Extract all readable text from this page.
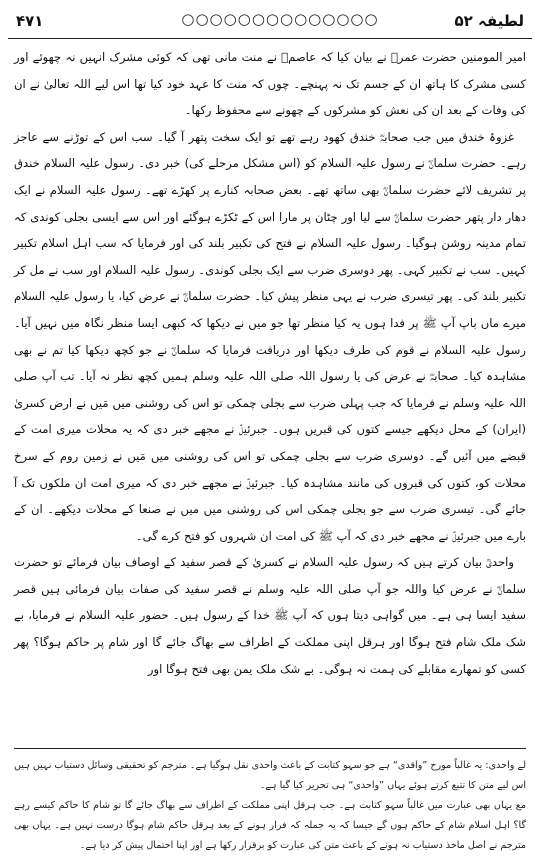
لطیفہ ۵۲
○○○○○○○○○○○○○○
۴۷۱

امیر المومنین حضرت عمرؓ نے بیان کیا کہ عاصمؓ نے منت مانی تھی کہ کوئی مشرک انہیں نہ چھوئے اور کسی مشرک کا ہاتھ ان کے جسم تک نہ پہنچے۔ چوں کہ منت کا عہد خود کیا تھا اس لیے اللہ تعالیٰ نے ان کی وفات کے بعد ان کی نعش کو مشرکوں کے چھونے سے محفوظ رکھا۔

غزوۂ خندق میں جب صحابہؓ خندق کھود رہے تھے تو ایک سخت پتھر آ گیا۔ سب اس کے توڑنے سے عاجز رہے۔ حضرت سلمانؓ نے رسول علیہ السلام کو (اس مشکل مرحلے کی) خبر دی۔ رسول علیہ السلام خندق پر تشریف لائے حضرت سلمانؓ بھی ساتھ تھے۔ بعض صحابہ کنارے پر کھڑے تھے۔ رسول علیہ السلام نے ایک دھار دار پتھر حضرت سلمانؓ سے لیا اور چٹان پر مارا اس کے ٹکڑے ہوگئے اور اس سے ایسی بجلی کوندی کہ تمام مدینہ روشن ہوگیا۔ رسول علیہ السلام نے فتح کی تکبیر بلند کی اور فرمایا کہ سب اہل اسلام تکبیر کہیں۔ سب نے تکبیر کہی۔ پھر دوسری ضرب سے ایک بجلی کوندی۔ رسول علیہ السلام اور سب نے مل کر تکبیر بلند کی۔ پھر تیسری ضرب نے یہی منظر پیش کیا۔ حضرت سلمانؓ نے عرض کیا، یا رسول علیہ السلام میرے ماں باپ آپ ﷺ پر فدا ہوں یہ کیا منظر تھا جو میں نے دیکھا کہ کبھی ایسا منظر نگاہ میں نہیں آیا۔ رسول علیہ السلام نے قوم کی طرف دیکھا اور دریافت فرمایا کہ سلمانؓ نے جو کچھ دیکھا کیا تم نے بھی مشاہدہ کیا۔ صحابہؓ نے عرض کی یا رسول اللہ صلی اللہ علیہ وسلم ہمیں کچھ نظر نہ آیا۔ تب آپ صلی اللہ علیہ وسلم نے فرمایا کہ جب پہلی ضرب سے بجلی چمکی تو اس کی روشنی میں مَیں نے ارض کسریٰ (ایران) کے محل دیکھے جیسے کتوں کی قبریں ہوں۔ جبرئیلؑ نے مجھے خبر دی کہ یہ محلات میری امت کے قبضے میں آئیں گے۔ دوسری ضرب سے بجلی چمکی تو اس کی روشنی میں مَیں نے زمین روم کے سرخ محلات کو، کتوں کی قبروں کی مانند مشاہدہ کیا۔ جبرئیلؑ نے مجھے خبر دی کہ میری امت ان ملکوں تک آ جائے گی۔ تیسری ضرب سے جو بجلی چمکی اس کی روشنی میں میں نے صنعا کے محلات دیکھے۔ ان کے بارے میں جبرئیلؑ نے مجھے خبر دی کہ آپ ﷺ کی امت ان شہروں کو فتح کرے گی۔

واحدیؒ بیان کرتے ہیں کہ رسول علیہ السلام نے کسریٰ کے قصر سفید کے اوصاف بیان فرمائے تو حضرت سلمانؓ نے عرض کیا واللہ جو آپ صلی اللہ علیہ وسلم نے قصر سفید کی صفات بیان فرمائی ہیں قصر سفید ایسا ہی ہے۔ میں گواہی دیتا ہوں کہ آپ ﷺ خدا کے رسول ہیں۔ حضور علیہ السلام نے فرمایا، بے شک ملک شام فتح ہوگا اور ہرقل اپنی مملکت کے اطراف سے بھاگ جائے گا اور شام پر حاکم ہوگا؟ پھر کسی کو تمھارے مقابلے کی ہمت نہ ہوگی۔ بے شک ملک یمن بھی فتح ہوگا اور

لے واحدی: یہ غالباً مورخ ”واقدی“ ہے جو سہو کتابت کے باعث واحدی نقل ہوگیا ہے۔ مترجم کو تحقیقی وسائل دستیاب نہیں ہیں اس لیے متن کا تتبع کرتے ہوئے یہاں ”واحدی“ ہی تحریر کیا گیا ہے۔

مع یہاں بھی عبارت میں غالباً سہو کتابت ہے۔ جب ہرقل اپنی مملکت کے اطراف سے بھاگ جائے گا تو شام کا حاکم کیسے رہے گا؟ اہل اسلام شام کے حاکم ہوں گے جیسا کہ یہ جملہ کہ فرار ہونے کے بعد ہرقل حاکم شام ہوگا درست نہیں ہے۔ یہاں بھی مترجم نے اصل ماخذ دستیاب نہ ہونے کے باعث متن کی عبارت کو برقرار رکھا ہے اور اپنا احتمال پیش کر دیا ہے۔
